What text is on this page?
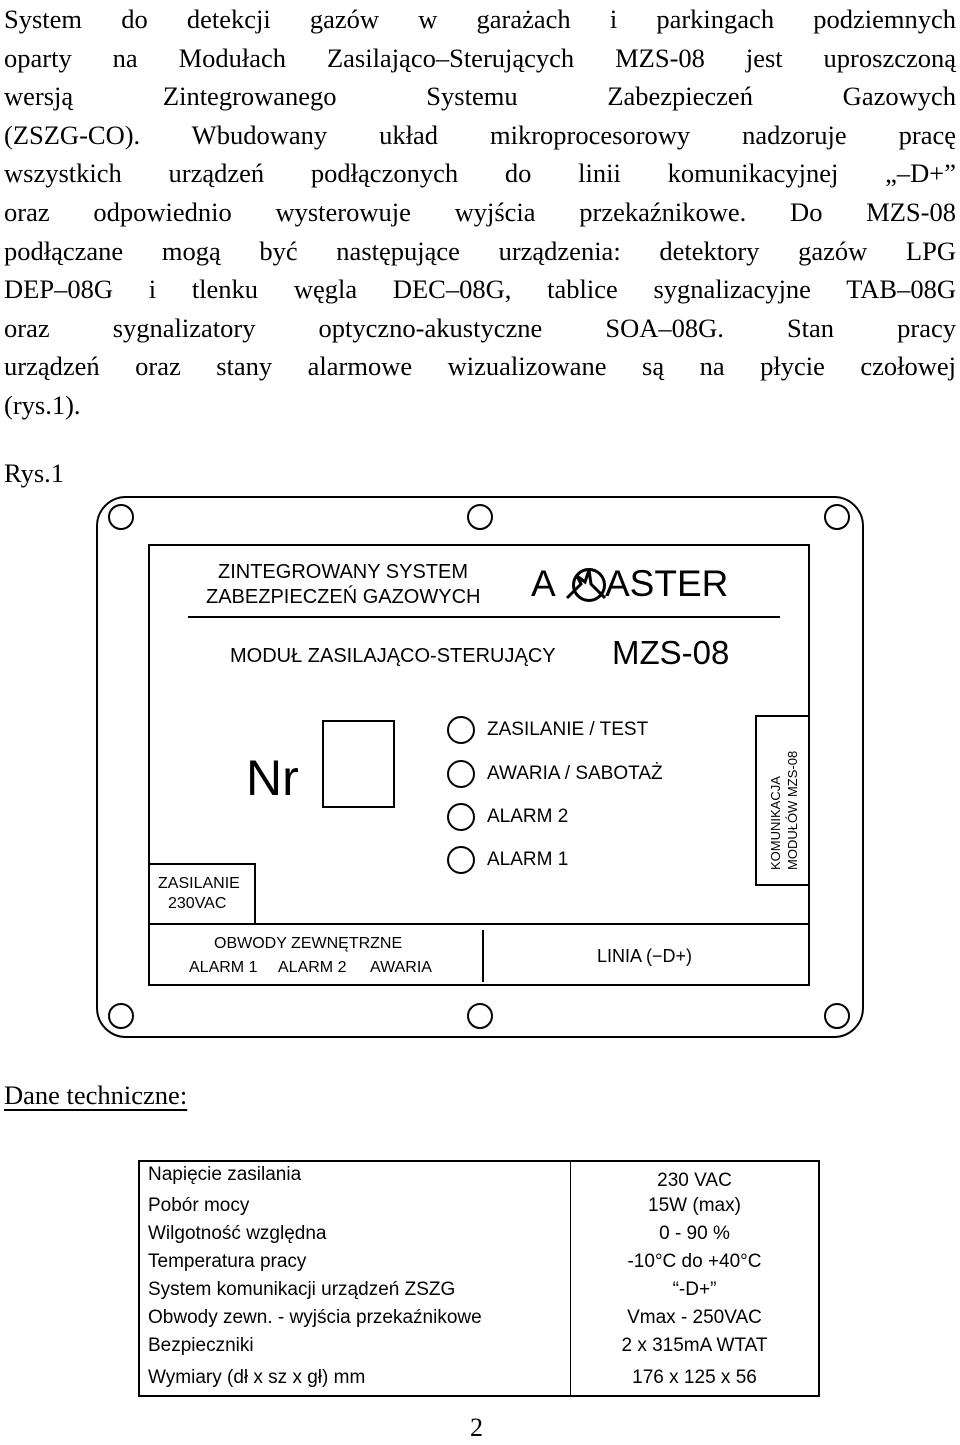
System do detekcji gazów w garażach i parkingach podziemnych
oparty na Modułach Zasilająco–Sterujących MZS-08 jest uproszczoną
wersją Zintegrowanego Systemu Zabezpieczeń Gazowych
(ZSZG-CO). Wbudowany układ mikroprocesorowy nadzoruje pracę
wszystkich urządzeń podłączonych do linii komunikacyjnej „–D+”
oraz odpowiednio wysterowuje wyjścia przekaźnikowe. Do MZS-08
podłączane mogą być następujące urządzenia: detektory gazów LPG
DEP–08G i tlenku węgla DEC–08G, tablice sygnalizacyjne TAB–08G
oraz sygnalizatory optyczno-akustyczne SOA–08G. Stan pracy
urządzeń oraz stany alarmowe wizualizowane są na płycie czołowej
(rys.1).
Rys.1
ZINTEGROWANY SYSTEM
ZABEZPIECZEŃ GAZOWYCH A ASTER
MODUŁ ZASILAJĄCO-STERUJĄCY MZS-08
Nr
ZASILANIE / TEST
AWARIA / SABOTAŻ
ALARM 2
ALARM 1
ZASILANIE
230VAC
KOMUNIKACJA MODUŁÓW MZS-08
OBWODY ZEWNĘTRZNE
ALARM 1 ALARM 2 AWARIA
LINIA (−D+)
Dane techniczne:
Napięcie zasilania	230 VAC
Pobór mocy	15W (max)
Wilgotność względna	0 - 90 %
Temperatura pracy	-10°C do +40°C
System komunikacji urządzeń ZSZG	“-D+”
Obwody zewn. - wyjścia przekaźnikowe	Vmax - 250VAC
Bezpieczniki	2 x 315mA WTAT
Wymiary (dł x sz x gł) mm	176 x 125 x 56
2
